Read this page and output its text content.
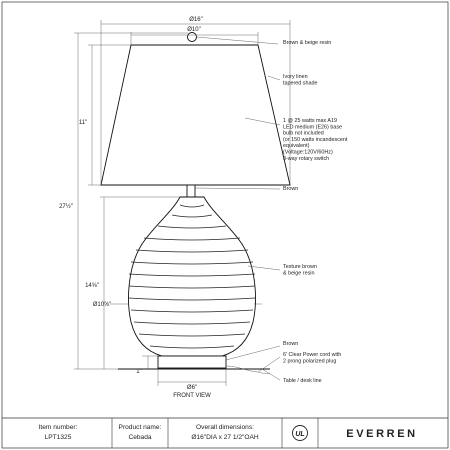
Ø16"
Ø10"
11"
27½"
14⅝"
Ø10⅝"
1"
Ø6"
FRONT VIEW
Brown & beige resin
Ivory linen tapered shade
1 @ 25 watts max A19 LED medium (E26) base bulb not included (or 150 watts incandescent equivalent) (Voltage:120V/60Hz) 3-way rotary switch
Brown
Texture brown & beige resin
Brown
6' Clear Power cord with 2 prong polarized plug
Table / desk line
Item number:
LPT1325
Product name:
Cebada
Overall dimensions:
Ø16"DIA x 27 1/2"OAH	UL	EVERREN
